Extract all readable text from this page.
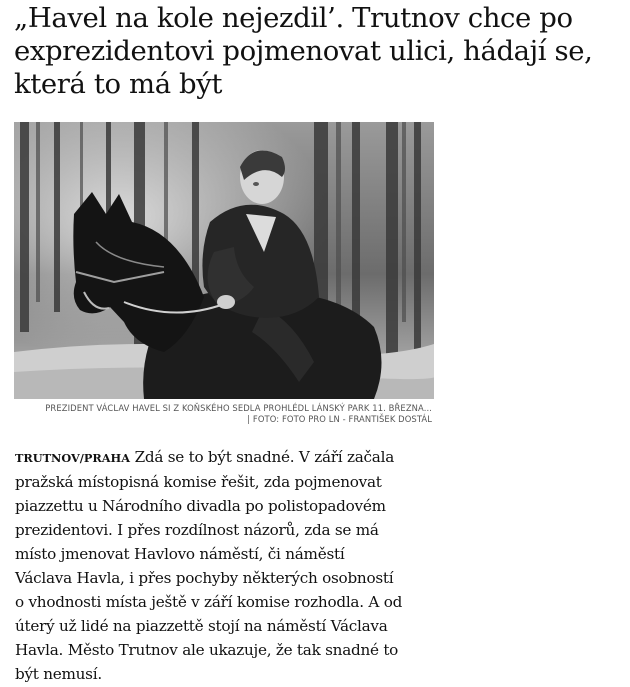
„Havel na kole nejezdil’. Trutnov chce po exprezidentovi pojmenovat ulici, hádají se, která to má být
PREZIDENT VÁCLAV HAVEL SI Z KOŇSKÉHO SEDLA PROHLÉDL LÁNSKÝ PARK 11. BŘEZNA...
| FOTO: FOTO PRO LN - FRANTIŠEK DOSTÁL
TRUTNOV/PRAHA Zdá se to být snadné. V září začala
pražská místopisná komise řešit, zda pojmenovat
piazzettu u Národního divadla po polistopadovém
prezidentovi. I přes rozdílnost názorů, zda se má
místo jmenovat Havlovo náměstí, či náměstí
Václava Havla, i přes pochyby některých osobností
o vhodnosti místa ještě v září komise rozhodla. A od
úterý už lidé na piazzettě stojí na náměstí Václava
Havla. Město Trutnov ale ukazuje, že tak snadné to
být nemusí.
